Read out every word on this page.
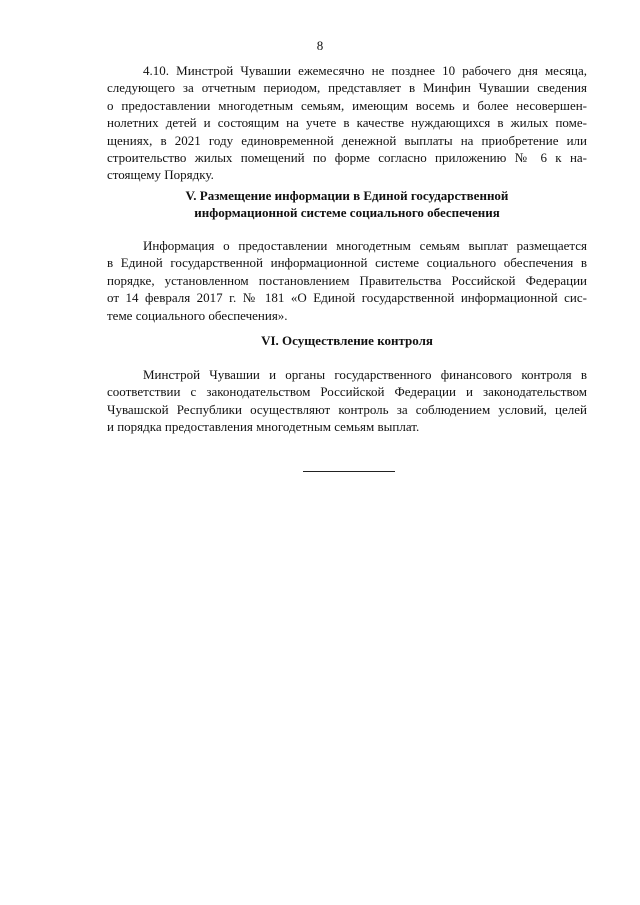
8
4.10. Минстрой Чувашии ежемесячно не позднее 10 рабочего дня месяца,
следующего за отчетным периодом, представляет в Минфин Чувашии сведения
о предоставлении многодетным семьям, имеющим восемь и более несовершен-
нолетних детей и состоящим на учете в качестве нуждающихся в жилых поме-
щениях, в 2021 году единовременной денежной выплаты на приобретение или
строительство жилых помещений по форме согласно приложению № 6 к на-
стоящему Порядку.
V. Размещение информации в Единой государственной
информационной системе социального обеспечения
Информация о предоставлении многодетным семьям выплат размещается
в Единой государственной информационной системе социального обеспечения в
порядке, установленном постановлением Правительства Российской Федерации
от 14 февраля 2017 г. № 181 «О Единой государственной информационной сис-
теме социального обеспечения».
VI. Осуществление контроля
Минстрой Чувашии и органы государственного финансового контроля в
соответствии с законодательством Российской Федерации и законодательством
Чувашской Республики осуществляют контроль за соблюдением условий, целей
и порядка предоставления многодетным семьям выплат.
